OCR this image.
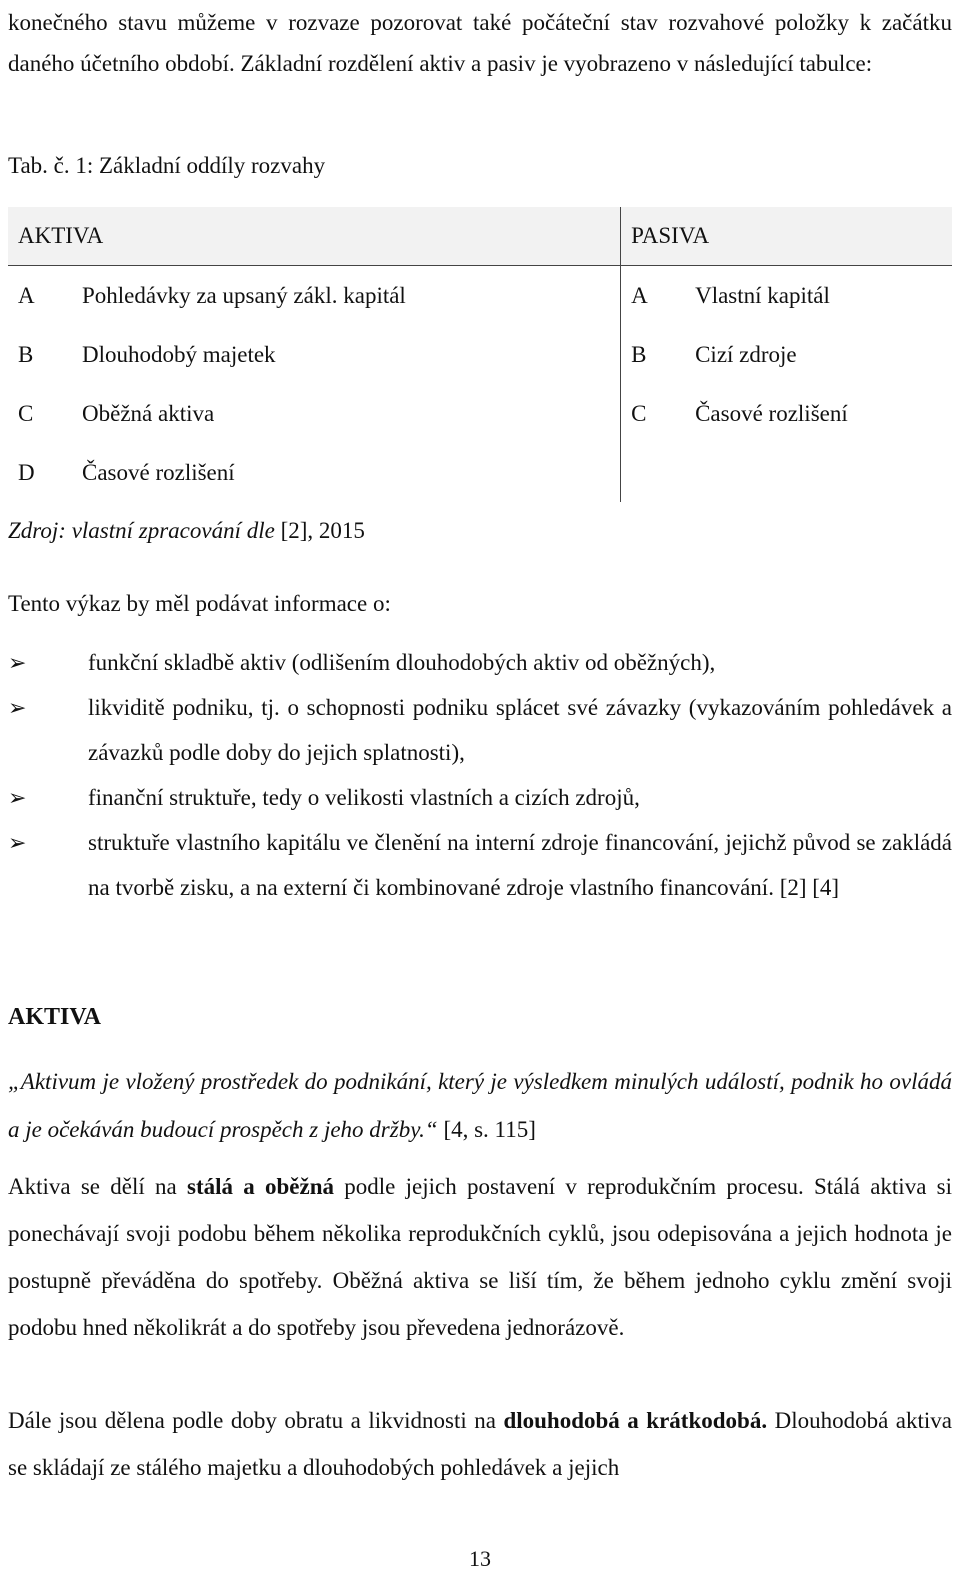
konečného stavu můžeme v rozvaze pozorovat také počáteční stav rozvahové položky k začátku daného účetního období. Základní rozdělení aktiv a pasiv je vyobrazeno v následující tabulce:

Tab. č. 1: Základní oddíly rozvahy

AKTIVA		PASIVA	
A	Pohledávky za upsaný zákl. kapitál	A	Vlastní kapitál
B	Dlouhodobý majetek	B	Cizí zdroje
C	Oběžná aktiva	C	Časové rozlišení
D	Časové rozlišení		
Zdroj: vlastní zpracování dle [2], 2015

Tento výkaz by měl podávat informace o:

➢	funkční skladbě aktiv (odlišením dlouhodobých aktiv od oběžných),
➢	likviditě podniku, tj. o schopnosti podniku splácet své závazky (vykazováním pohledávek a závazků podle doby do jejich splatnosti),
➢	finanční struktuře, tedy o velikosti vlastních a cizích zdrojů,
➢	struktuře vlastního kapitálu ve členění na interní zdroje financování, jejichž původ se zakládá na tvorbě zisku, a na externí či kombinované zdroje vlastního financování. [2] [4]
AKTIVA

„Aktivum je vložený prostředek do podnikání, který je výsledkem minulých událostí, podnik ho ovládá a je očekáván budoucí prospěch z jeho držby.“ [4, s. 115]

Aktiva se dělí na stálá a oběžná podle jejich postavení v reprodukčním procesu. Stálá aktiva si ponechávají svoji podobu během několika reprodukčních cyklů, jsou odepisována a jejich hodnota je postupně převáděna do spotřeby. Oběžná aktiva se liší tím, že během jednoho cyklu změní svoji podobu hned několikrát a do spotřeby jsou převedena jednorázově.

Dále jsou dělena podle doby obratu a likvidnosti na dlouhodobá a krátkodobá. Dlouhodobá aktiva se skládají ze stálého majetku a dlouhodobých pohledávek a jejich

13
